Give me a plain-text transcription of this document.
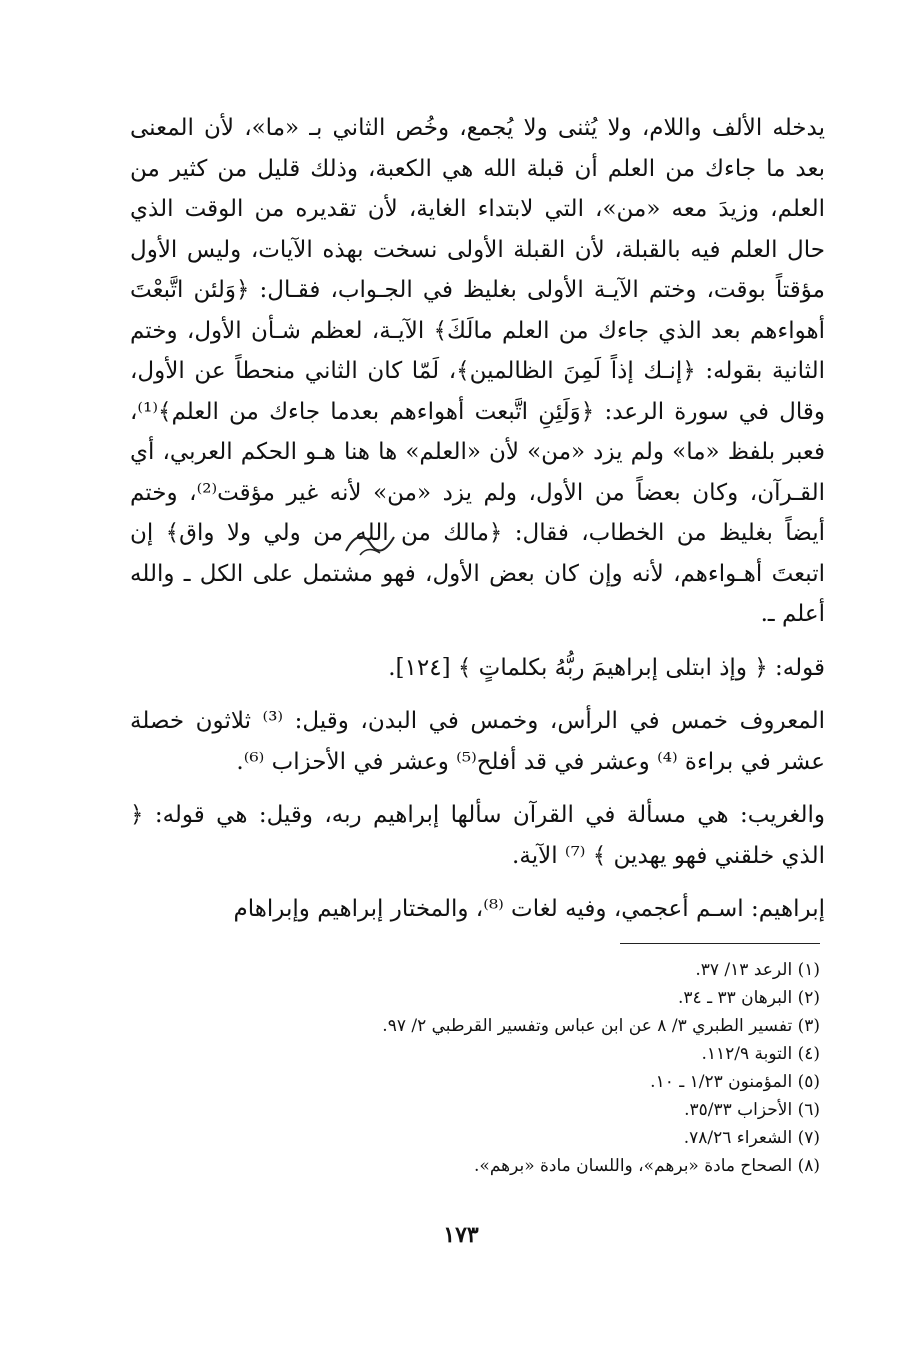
يدخله الألف واللام، ولا يُثنى ولا يُجمع، وخُص الثاني بـ «ما»، لأن المعنى بعد ما جاءك من العلم أن قبلة الله هي الكعبة، وذلك قليل من كثير من العلم، وزيدَ معه «من»، التي لابتداء الغاية، لأن تقديره من الوقت الذي حال العلم فيه بالقبلة، لأن القبلة الأولى نسخت بهذه الآيات، وليس الأول مؤقتاً بوقت، وختم الآيـة الأولى بغليظ في الجـواب، فقـال: ﴿وَلئن اتَّبعْتَ أهواءهم بعد الذي جاءك من العلم مالَكَ﴾ الآيـة، لعظم شـأن الأول، وختم الثانية بقوله: ﴿إنـك إذاً لَمِنَ الظالمين﴾، لَمّا كان الثاني منحطاً عن الأول، وقال في سورة الرعد: ﴿وَلَئِنِ اتَّبعت أهواءهم بعدما جاءك من العلم﴾⁽¹⁾، فعبر بلفظ «ما» ولم يزد «من» لأن «العلم» ها هنا هـو الحكم العربي، أي القـرآن، وكان بعضاً من الأول، ولم يزد «من» لأنه غير مؤقت⁽²⁾، وختم أيضاً بغليظ من الخطاب، فقال: ﴿مالك من الله من ولي ولا واق﴾ إن اتبعتَ أهـواءهم، لأنه وإن كان بعض الأول، فهو مشتمل على الكل ـ والله أعلم ـ.

قوله: ﴿ وإذ ابتلى إبراهيمَ ربُّهُ بكلماتٍ ﴾ [١٢٤].

المعروف خمس في الرأس، وخمس في البدن، وقيل: ⁽³⁾ ثلاثون خصلة عشر في براءة ⁽⁴⁾ وعشر في قد أفلح⁽⁵⁾ وعشر في الأحزاب ⁽⁶⁾.

والغريب: هي مسألة في القرآن سألها إبراهيم ربه، وقيل: هي قوله: ﴿ الذي خلقني فهو يهدين ﴾ ⁽⁷⁾ الآية.

إبراهيم: اسـم أعجمي، وفيه لغات ⁽⁸⁾، والمختار إبراهيم وإبراهام

(١) الرعد ١٣/ ٣٧.
(٢) البرهان ٣٣ ـ ٣٤.
(٣) تفسير الطبري ٣/ ٨ عن ابن عباس وتفسير القرطبي ٢/ ٩٧.
(٤) التوبة ١١٢/٩.
(٥) المؤمنون ١/٢٣ ـ ١٠.
(٦) الأحزاب ٣٥/٣٣.
(٧) الشعراء ٧٨/٢٦.
(٨) الصحاح مادة «برهم»، واللسان مادة «برهم».
١٧٣
